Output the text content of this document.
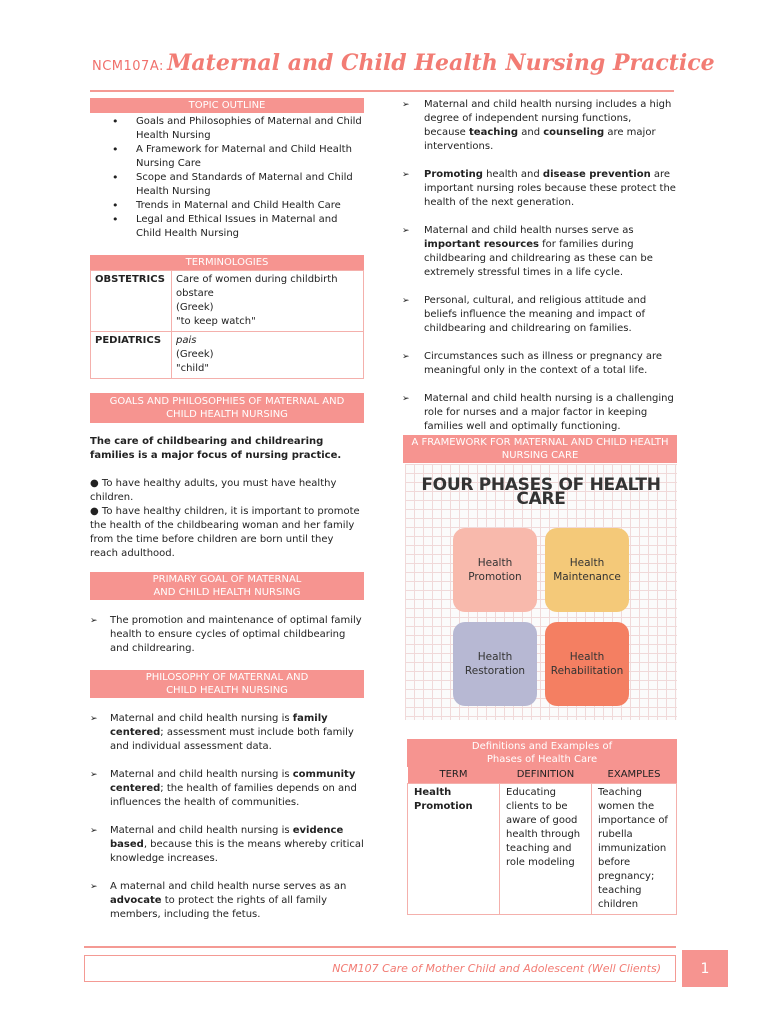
NCM107A: Maternal and Child Health Nursing Practice
TOPIC OUTLINE
• Goals and Philosophies of Maternal and Child Health Nursing
• A Framework for Maternal and Child Health Nursing Care
• Scope and Standards of Maternal and Child Health Nursing
• Trends in Maternal and Child Health Care
• Legal and Ethical Issues in Maternal and Child Health Nursing
TERMINOLOGIES
OBSTETRICS	Care of women during childbirth
obstare
(Greek)
"to keep watch"

PEDIATRICS	pais
(Greek)
"child"
GOALS AND PHILOSOPHIES OF MATERNAL AND CHILD HEALTH NURSING
The care of childbearing and childrearing families is a major focus of nursing practice.
● To have healthy adults, you must have healthy children.
● To have healthy children, it is important to promote the health of the childbearing woman and her family from the time before children are born until they reach adulthood.
PRIMARY GOAL OF MATERNAL
AND CHILD HEALTH NURSING
➢ The promotion and maintenance of optimal family health to ensure cycles of optimal childbearing and childrearing.
PHILOSOPHY OF MATERNAL AND
CHILD HEALTH NURSING
➢ Maternal and child health nursing is family centered; assessment must include both family and individual assessment data.
➢ Maternal and child health nursing is community centered; the health of families depends on and influences the health of communities.
➢ Maternal and child health nursing is evidence based, because this is the means whereby critical knowledge increases.
➢ A maternal and child health nurse serves as an advocate to protect the rights of all family members, including the fetus.
➢ Maternal and child health nursing includes a high degree of independent nursing functions, because teaching and counseling are major interventions.
➢ Promoting health and disease prevention are important nursing roles because these protect the health of the next generation.
➢ Maternal and child health nurses serve as important resources for families during childbearing and childrearing as these can be extremely stressful times in a life cycle.
➢ Personal, cultural, and religious attitude and beliefs influence the meaning and impact of childbearing and childrearing on families.
➢ Circumstances such as illness or pregnancy are meaningful only in the context of a total life.
➢ Maternal and child health nursing is a challenging role for nurses and a major factor in keeping families well and optimally functioning.
A FRAMEWORK FOR MATERNAL AND CHILD HEALTH NURSING CARE
FOUR PHASES OF HEALTH CARE
Health
Promotion
Health
Maintenance
Health
Restoration
Health
Rehabilitation
Definitions and Examples of
Phases of Health Care
TERM	DEFINITION	EXAMPLES
Health Promotion	Educating clients to be aware of good health through teaching and role modeling	Teaching women the importance of rubella immunization before pregnancy; teaching children
NCM107 Care of Mother Child and Adolescent (Well Clients)	1
